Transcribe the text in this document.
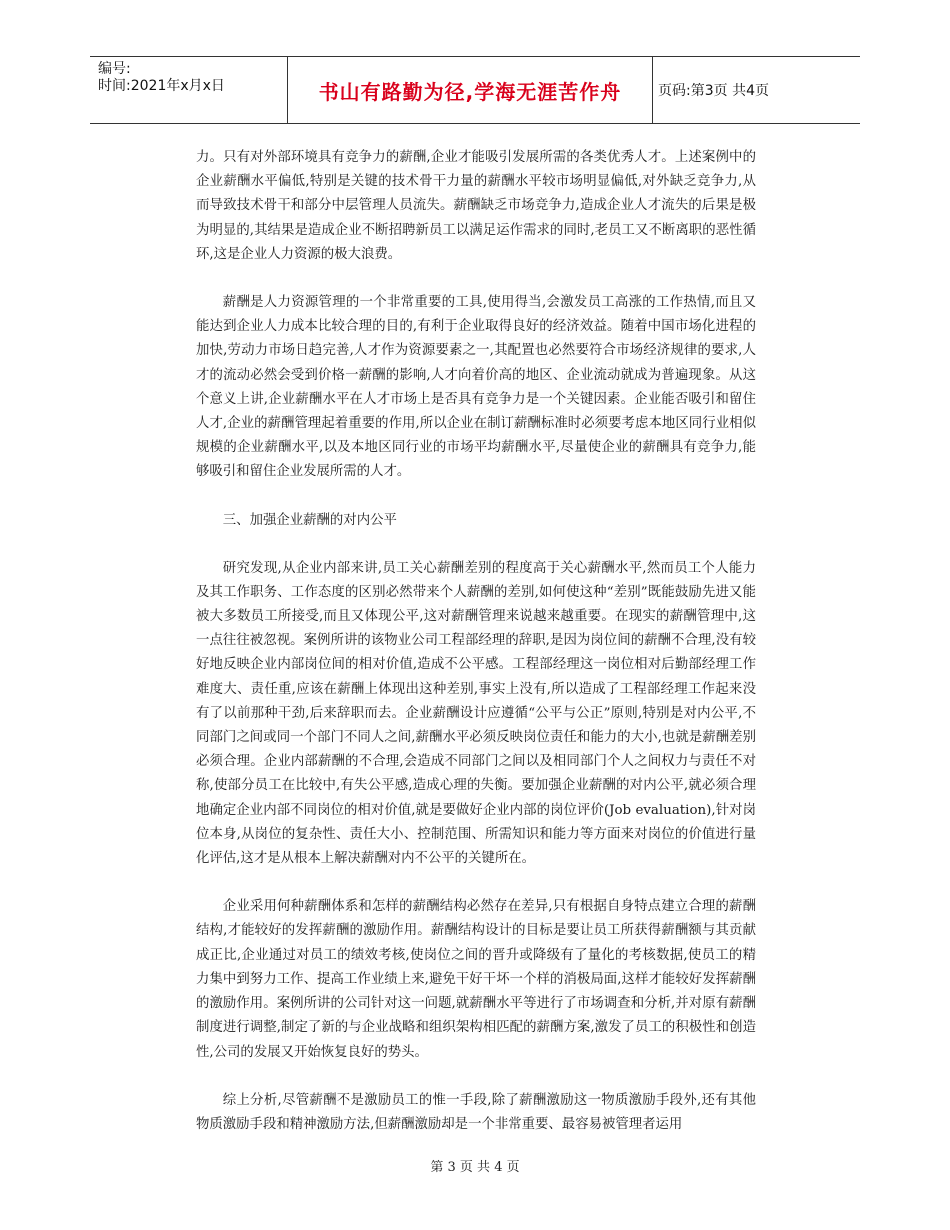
编号:
时间:2021年x月x日	书山有路勤为径,学海无涯苦作舟	页码:第3页 共4页

力。只有对外部环境具有竞争力的薪酬,企业才能吸引发展所需的各类优秀人才。上述案例中的企业薪酬水平偏低,特别是关键的技术骨干力量的薪酬水平较市场明显偏低,对外缺乏竞争力,从而导致技术骨干和部分中层管理人员流失。薪酬缺乏市场竞争力,造成企业人才流失的后果是极为明显的,其结果是造成企业不断招聘新员工以满足运作需求的同时,老员工又不断离职的恶性循环,这是企业人力资源的极大浪费。

薪酬是人力资源管理的一个非常重要的工具,使用得当,会激发员工高涨的工作热情,而且又能达到企业人力成本比较合理的目的,有利于企业取得良好的经济效益。随着中国市场化进程的加快,劳动力市场日趋完善,人才作为资源要素之一,其配置也必然要符合市场经济规律的要求,人才的流动必然会受到价格一薪酬的影响,人才向着价高的地区、企业流动就成为普遍现象。从这个意义上讲,企业薪酬水平在人才市场上是否具有竞争力是一个关键因素。企业能否吸引和留住人才,企业的薪酬管理起着重要的作用,所以企业在制订薪酬标准时必须要考虑本地区同行业相似规模的企业薪酬水平,以及本地区同行业的市场平均薪酬水平,尽量使企业的薪酬具有竞争力,能够吸引和留住企业发展所需的人才。

三、加强企业薪酬的对内公平

研究发现,从企业内部来讲,员工关心薪酬差别的程度高于关心薪酬水平,然而员工个人能力及其工作职务、工作态度的区别必然带来个人薪酬的差别,如何使这种“差别”既能鼓励先进又能被大多数员工所接受,而且又体现公平,这对薪酬管理来说越来越重要。在现实的薪酬管理中,这一点往往被忽视。案例所讲的该物业公司工程部经理的辞职,是因为岗位间的薪酬不合理,没有较好地反映企业内部岗位间的相对价值,造成不公平感。工程部经理这一岗位相对后勤部经理工作难度大、责任重,应该在薪酬上体现出这种差别,事实上没有,所以造成了工程部经理工作起来没有了以前那种干劲,后来辞职而去。企业薪酬设计应遵循“公平与公正”原则,特别是对内公平,不同部门之间或同一个部门不同人之间,薪酬水平必须反映岗位责任和能力的大小,也就是薪酬差别必须合理。企业内部薪酬的不合理,会造成不同部门之间以及相同部门个人之间权力与责任不对称,使部分员工在比较中,有失公平感,造成心理的失衡。要加强企业薪酬的对内公平,就必须合理地确定企业内部不同岗位的相对价值,就是要做好企业内部的岗位评价(Job evaluation),针对岗位本身,从岗位的复杂性、责任大小、控制范围、所需知识和能力等方面来对岗位的价值进行量化评估,这才是从根本上解决薪酬对内不公平的关键所在。

企业采用何种薪酬体系和怎样的薪酬结构必然存在差异,只有根据自身特点建立合理的薪酬结构,才能较好的发挥薪酬的激励作用。薪酬结构设计的目标是要让员工所获得薪酬额与其贡献成正比,企业通过对员工的绩效考核,使岗位之间的晋升或降级有了量化的考核数据,使员工的精力集中到努力工作、提高工作业绩上来,避免干好干坏一个样的消极局面,这样才能较好发挥薪酬的激励作用。案例所讲的公司针对这一问题,就薪酬水平等进行了市场调查和分析,并对原有薪酬制度进行调整,制定了新的与企业战略和组织架构相匹配的薪酬方案,激发了员工的积极性和创造性,公司的发展又开始恢复良好的势头。

综上分析,尽管薪酬不是激励员工的惟一手段,除了薪酬激励这一物质激励手段外,还有其他物质激励手段和精神激励方法,但薪酬激励却是一个非常重要、最容易被管理者运用

第 3 页 共 4 页
